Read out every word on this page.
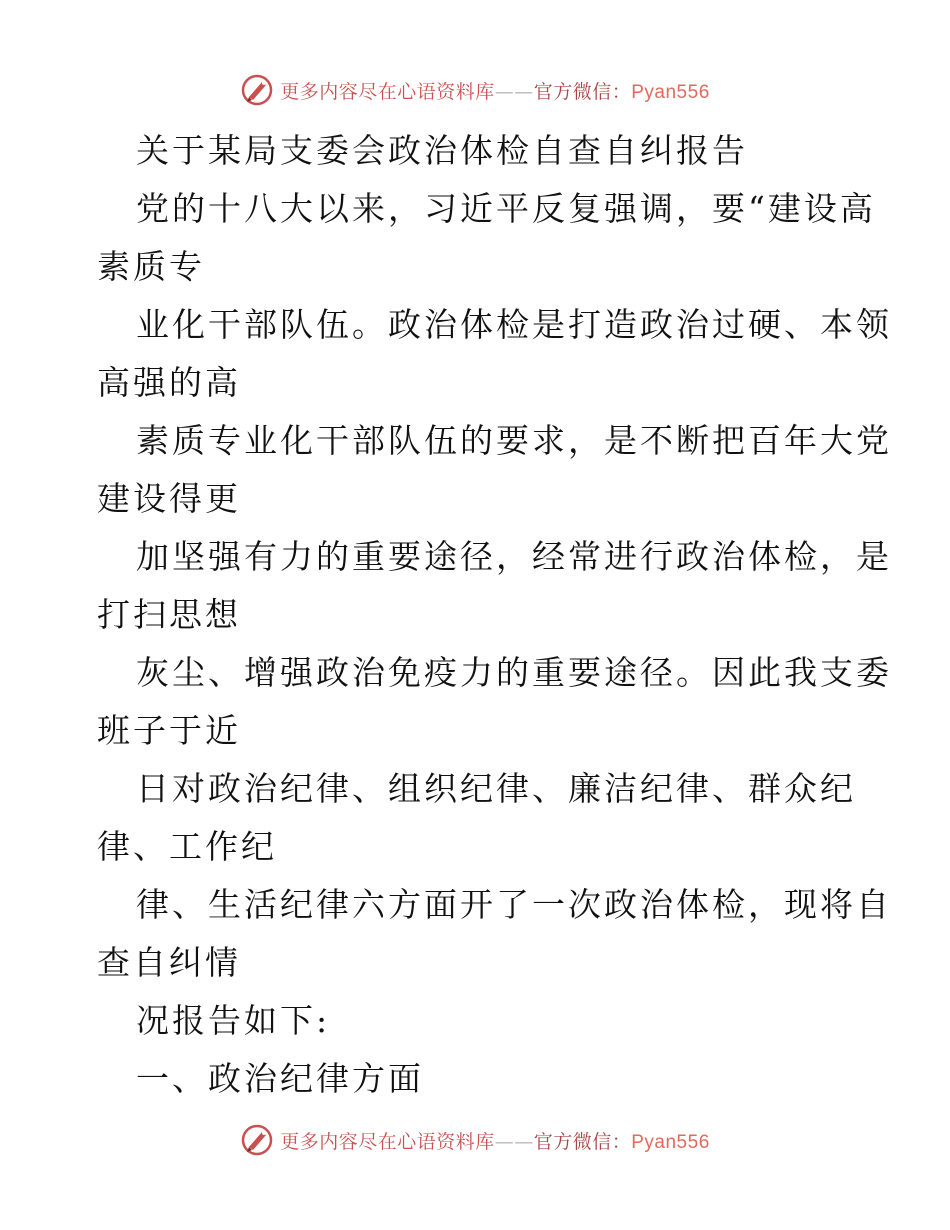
更多内容尽在心语资料库——官方微信：Pyan556
关于某局支委会政治体检自查自纠报告
党的十八大以来，习近平反复强调，要“建设高
素质专
业化干部队伍。政治体检是打造政治过硬、本领
高强的高
素质专业化干部队伍的要求，是不断把百年大党
建设得更
加坚强有力的重要途径，经常进行政治体检，是
打扫思想
灰尘、增强政治免疫力的重要途径。因此我支委
班子于近
日对政治纪律、组织纪律、廉洁纪律、群众纪
律、工作纪
律、生活纪律六方面开了一次政治体检，现将自
查自纠情
况报告如下:
一、政治纪律方面
更多内容尽在心语资料库——官方微信：Pyan556
